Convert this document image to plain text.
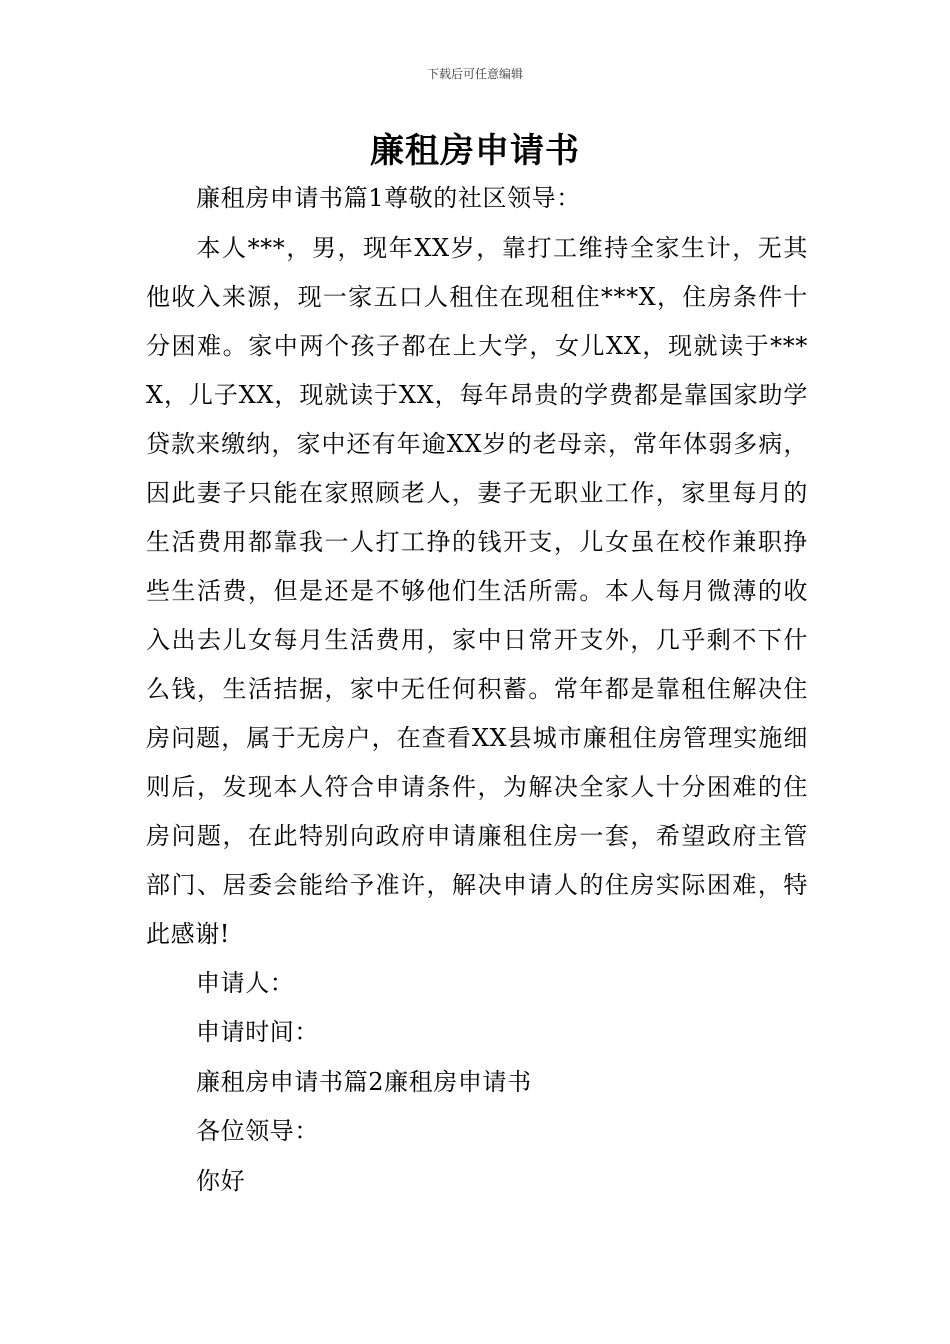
下载后可任意编辑
廉租房申请书

廉租房申请书篇1尊敬的社区领导：

本人***，男，现年XX岁，靠打工维持全家生计，无其他收入来源，现一家五口人租住在现租住***X，住房条件十分困难。家中两个孩子都在上大学，女儿XX，现就读于***X，儿子XX，现就读于XX，每年昂贵的学费都是靠国家助学贷款来缴纳，家中还有年逾XX岁的老母亲，常年体弱多病，因此妻子只能在家照顾老人，妻子无职业工作，家里每月的生活费用都靠我一人打工挣的钱开支，儿女虽在校作兼职挣些生活费，但是还是不够他们生活所需。本人每月微薄的收入出去儿女每月生活费用，家中日常开支外，几乎剩不下什么钱，生活拮据，家中无任何积蓄。常年都是靠租住解决住房问题，属于无房户，在查看XX县城市廉租住房管理实施细则后，发现本人符合申请条件，为解决全家人十分困难的住房问题，在此特别向政府申请廉租住房一套，希望政府主管部门、居委会能给予准许，解决申请人的住房实际困难，特此感谢!

申请人：

申请时间：

廉租房申请书篇2廉租房申请书

各位领导：

你好
